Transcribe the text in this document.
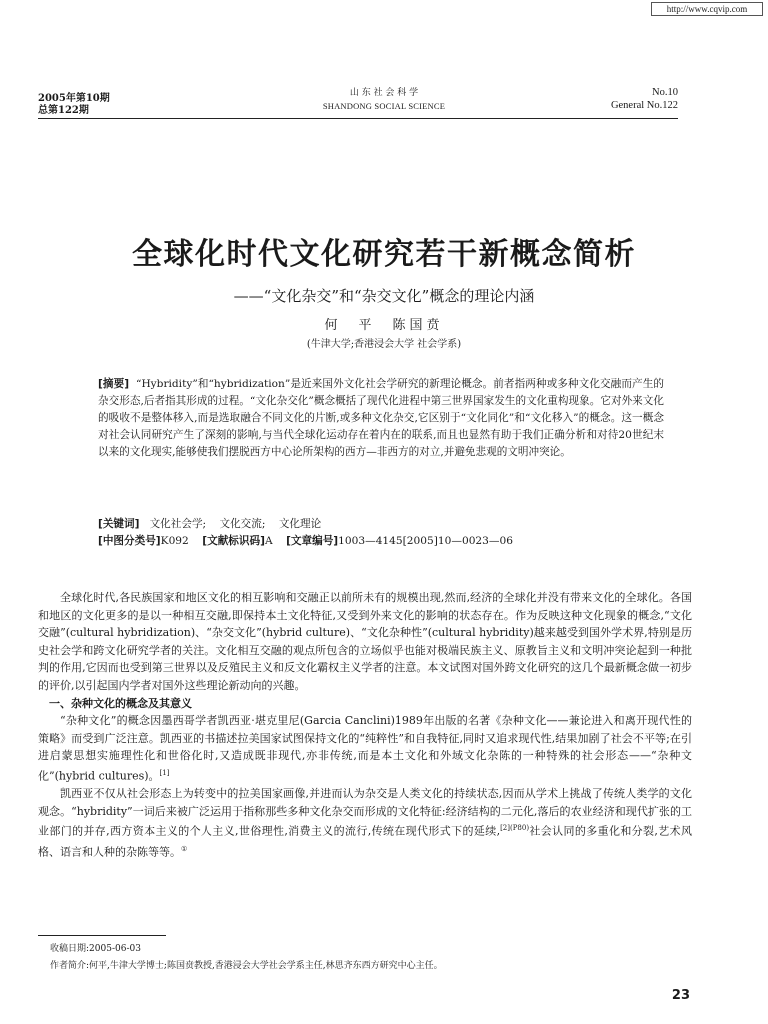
http://www.cqvip.com
2005年第10期
总第122期
山 东 社 会 科 学
SHANDONG SOCIAL SCIENCE
No.10
General No.122
全球化时代文化研究若干新概念简析
——“文化杂交”和“杂交文化”概念的理论内涵
何　平　陈国贲
(牛津大学;香港浸会大学 社会学系)

[摘要] “Hybridity”和“hybridization”是近来国外文化社会学研究的新理论概念。前者指两种或多种文化交融而产生的杂交形态,后者指其形成的过程。“文化杂交化”概念概括了现代化进程中第三世界国家发生的文化重构现象。它对外来文化的吸收不是整体移入,而是选取融合不同文化的片断,或多种文化杂交,它区别于“文化同化”和“文化移入”的概念。这一概念对社会认同研究产生了深刻的影响,与当代全球化运动存在着内在的联系,而且也显然有助于我们正确分析和对待20世纪末以来的文化现实,能够使我们摆脱西方中心论所架构的西方—非西方的对立,并避免悲观的文明冲突论。

[关键词] 文化社会学; 文化交流; 文化理论
[中图分类号]K092 [文献标识码]A [文章编号]1003—4145[2005]10—0023—06

全球化时代,各民族国家和地区文化的相互影响和交融正以前所未有的规模出现,然而,经济的全球化并没有带来文化的全球化。各国和地区的文化更多的是以一种相互交融,即保持本土文化特征,又受到外来文化的影响的状态存在。作为反映这种文化现象的概念,“文化交融”(cultural hybridization)、“杂交文化”(hybrid culture)、“文化杂种性”(cultural hybridity)越来越受到国外学术界,特别是历史社会学和跨文化研究学者的关注。文化相互交融的观点所包含的立场似乎也能对极端民族主义、原教旨主义和文明冲突论起到一种批判的作用,它因而也受到第三世界以及反殖民主义和反文化霸权主义学者的注意。本文试图对国外跨文化研究的这几个最新概念做一初步的评价,以引起国内学者对国外这些理论新动向的兴趣。

一、杂种文化的概念及其意义

“杂种文化”的概念因墨西哥学者凯西亚·堪克里尼(Garcia Canclini)1989年出版的名著《杂种文化——兼论进入和离开现代性的策略》而受到广泛注意。凯西亚的书描述拉美国家试图保持文化的“纯粹性”和自我特征,同时又追求现代性,结果加剧了社会不平等;在引进启蒙思想实施理性化和世俗化时,又造成既非现代,亦非传统,而是本土文化和外域文化杂陈的一种特殊的社会形态——“杂种文化”(hybrid cultures)。[1]

凯西亚不仅从社会形态上为转变中的拉美国家画像,并进而认为杂交是人类文化的持续状态,因而从学术上挑战了传统人类学的文化观念。“hybridity”一词后来被广泛运用于指称那些多种文化杂交而形成的文化特征:经济结构的二元化,落后的农业经济和现代扩张的工业部门的并存,西方资本主义的个人主义,世俗理性,消费主义的流行,传统在现代形式下的延续,$^{[2](P80)}$社会认同的多重化和分裂,艺术风格、语言和人种的杂陈等等。①

收稿日期:2005-06-03
作者简介:何平,牛津大学博士;陈国贲教授,香港浸会大学社会学系主任,林思齐东西方研究中心主任。
23
